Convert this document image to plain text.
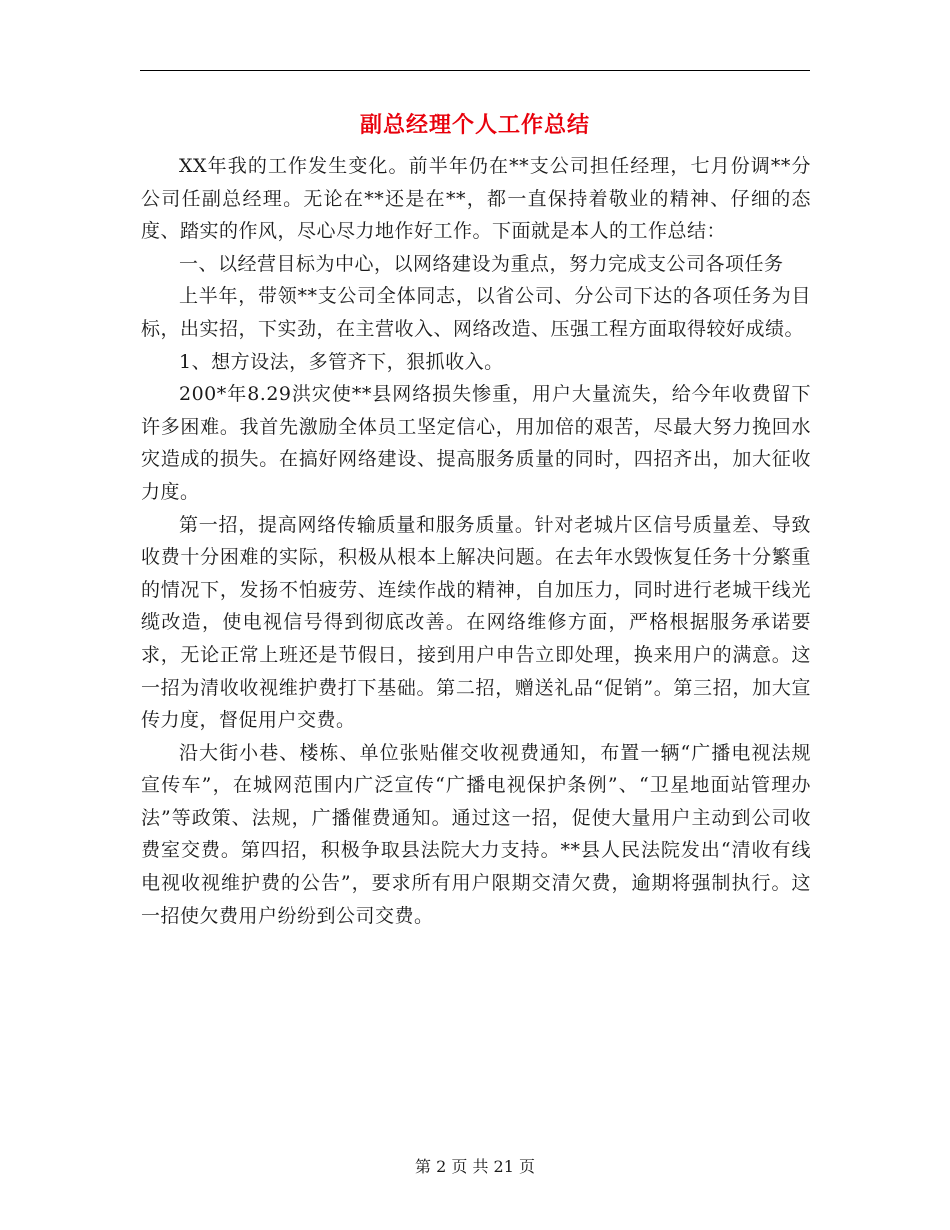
副总经理个人工作总结

XX年我的工作发生变化。前半年仍在**支公司担任经理，七月份调**分公司任副总经理。无论在**还是在**，都一直保持着敬业的精神、仔细的态度、踏实的作风，尽心尽力地作好工作。下面就是本人的工作总结：

一、以经营目标为中心，以网络建设为重点，努力完成支公司各项任务

上半年，带领**支公司全体同志，以省公司、分公司下达的各项任务为目标，出实招，下实劲，在主营收入、网络改造、压强工程方面取得较好成绩。

1、想方设法，多管齐下，狠抓收入。

200*年8.29洪灾使**县网络损失惨重，用户大量流失，给今年收费留下许多困难。我首先激励全体员工坚定信心，用加倍的艰苦，尽最大努力挽回水灾造成的损失。在搞好网络建设、提高服务质量的同时，四招齐出，加大征收力度。

第一招，提高网络传输质量和服务质量。针对老城片区信号质量差、导致收费十分困难的实际，积极从根本上解决问题。在去年水毁恢复任务十分繁重的情况下，发扬不怕疲劳、连续作战的精神，自加压力，同时进行老城干线光缆改造，使电视信号得到彻底改善。在网络维修方面，严格根据服务承诺要求，无论正常上班还是节假日，接到用户申告立即处理，换来用户的满意。这一招为清收收视维护费打下基础。第二招，赠送礼品“促销”。第三招，加大宣传力度，督促用户交费。

沿大街小巷、楼栋、单位张贴催交收视费通知，布置一辆“广播电视法规宣传车”，在城网范围内广泛宣传“广播电视保护条例”、“卫星地面站管理办法”等政策、法规，广播催费通知。通过这一招，促使大量用户主动到公司收费室交费。第四招，积极争取县法院大力支持。**县人民法院发出“清收有线电视收视维护费的公告”，要求所有用户限期交清欠费，逾期将强制执行。这一招使欠费用户纷纷到公司交费。

第 2 页 共 21 页
